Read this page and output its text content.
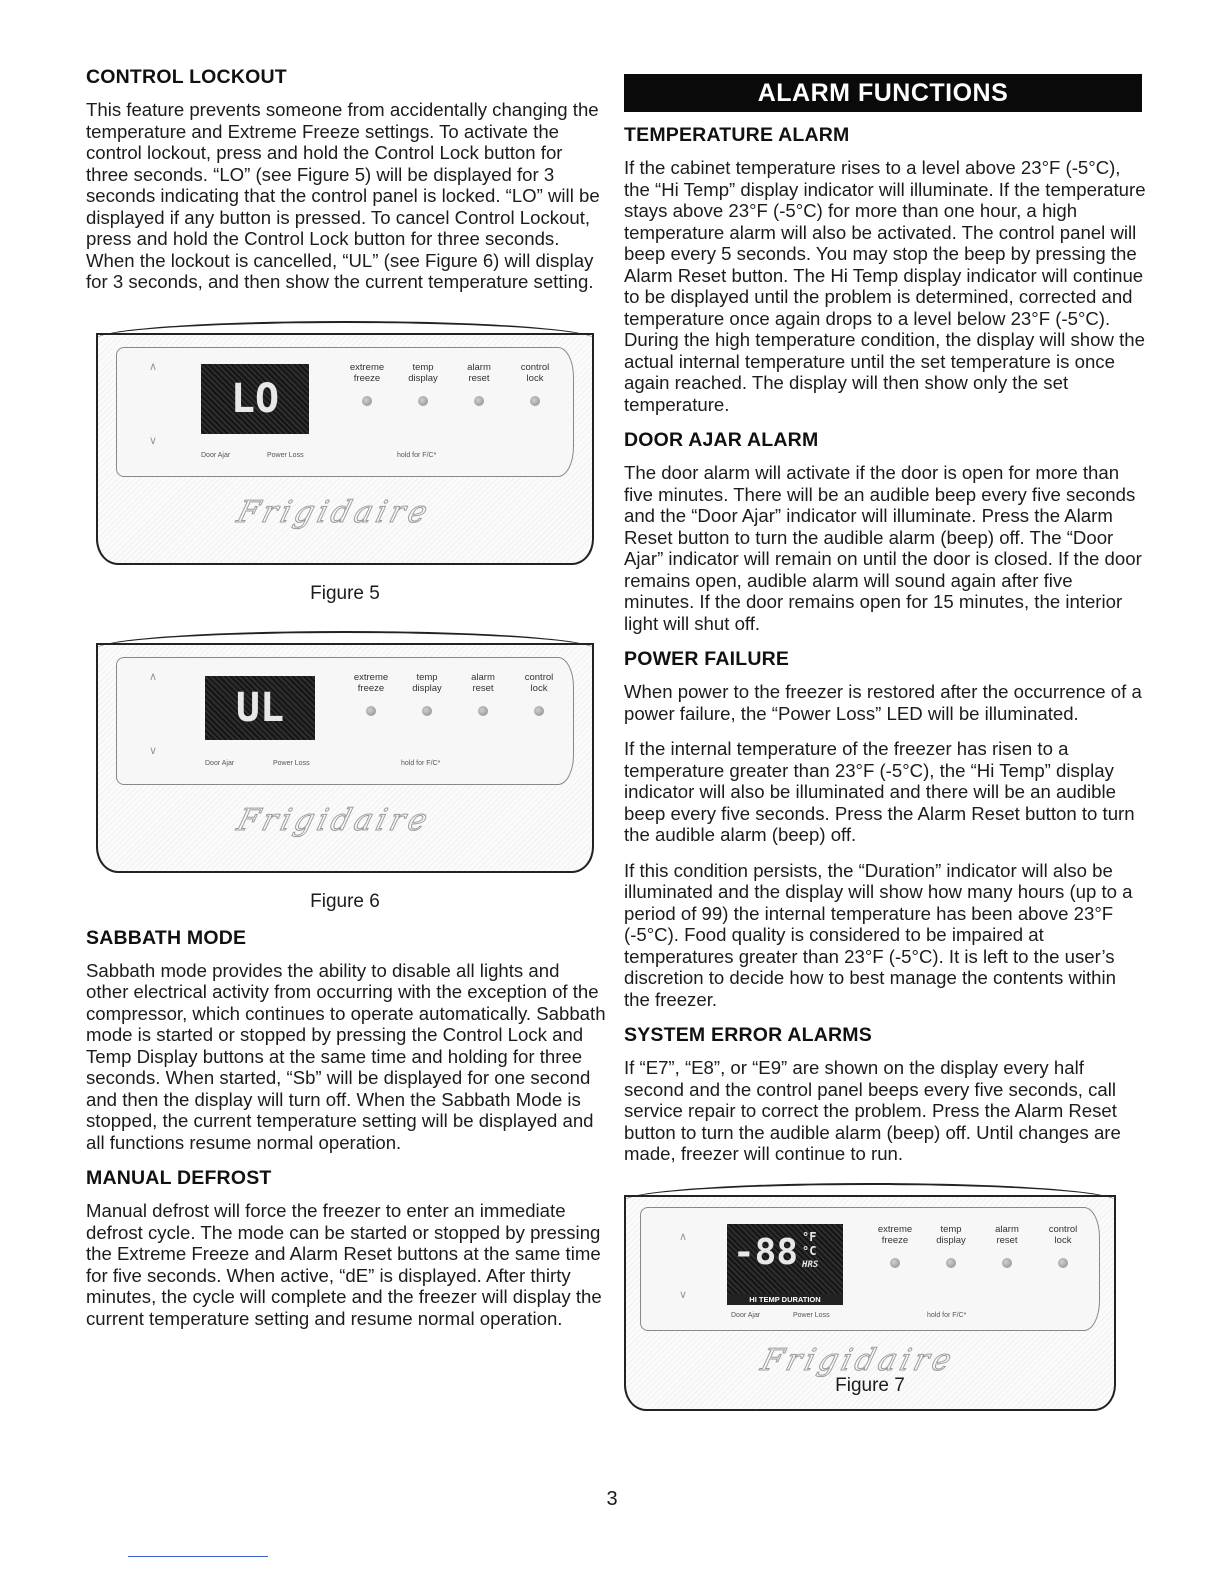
CONTROL LOCKOUT

This feature prevents someone from accidentally changing the temperature and Extreme Freeze settings. To activate the control lockout, press and hold the Control Lock button for three seconds. “LO” (see Figure 5) will be displayed for 3 seconds indicating that the control panel is locked. “LO” will be displayed if any button is pressed. To cancel Control Lockout, press and hold the Control Lock button for three seconds. When the lockout is cancelled, “UL” (see Figure 6) will display for 3 seconds, and then show the current temperature setting.

∧
∨
LO
extreme
freeze
temp
display
alarm
reset
control
lock
Door Ajar	Power Loss	hold for F/C*
Frigidaire
Figure 5
∧
∨
UL
extreme
freeze
temp
display
alarm
reset
control
lock
Door Ajar	Power Loss	hold for F/C*
Frigidaire
Figure 6
SABBATH MODE

Sabbath mode provides the ability to disable all lights and other electrical activity from occurring with the exception of the compressor, which continues to operate automatically. Sabbath mode is started or stopped by pressing the Control Lock and Temp Display buttons at the same time and holding for three seconds. When started, “Sb” will be displayed for one second and then the display will turn off. When the Sabbath Mode is stopped, the current temperature setting will be displayed and all functions resume normal operation.

MANUAL DEFROST

Manual defrost will force the freezer to enter an immediate defrost cycle. The mode can be started or stopped by pressing the Extreme Freeze and Alarm Reset buttons at the same time for five seconds. When active, “dE” is displayed. After thirty minutes, the cycle will complete and the freezer will display the current temperature setting and resume normal operation.

ALARM FUNCTIONS
TEMPERATURE ALARM

If the cabinet temperature rises to a level above 23°F (-5°C), the “Hi Temp” display indicator will illuminate. If the temperature stays above 23°F (-5°C) for more than one hour, a high temperature alarm will also be activated. The control panel will beep every 5 seconds. You may stop the beep by pressing the Alarm Reset button. The Hi Temp display indicator will continue to be displayed until the problem is determined, corrected and temperature once again drops to a level below 23°F (-5°C). During the high temperature condition, the display will show the actual internal temperature until the set temperature is once again reached. The display will then show only the set temperature.

DOOR AJAR ALARM

The door alarm will activate if the door is open for more than five minutes. There will be an audible beep every five seconds and the “Door Ajar” indicator will illuminate. Press the Alarm Reset button to turn the audible alarm (beep) off. The “Door Ajar” indicator will remain on until the door is closed. If the door remains open, audible alarm will sound again after five minutes. If the door remains open for 15 minutes, the interior light will shut off.

POWER FAILURE

When power to the freezer is restored after the occurrence of a power failure, the “Power Loss” LED will be illuminated.

If the internal temperature of the freezer has risen to a temperature greater than 23°F (-5°C), the “Hi Temp” display indicator will also be illuminated and there will be an audible beep every five seconds. Press the Alarm Reset button to turn the audible alarm (beep) off.

If this condition persists, the “Duration” indicator will also be illuminated and the display will show how many hours (up to a period of 99) the internal temperature has been above 23°F (-5°C). Food quality is considered to be impaired at temperatures greater than 23°F (-5°C). It is left to the user’s discretion to decide how to best manage the contents within the freezer.

SYSTEM ERROR ALARMS

If “E7”, “E8”, or “E9” are shown on the display every half second and the control panel beeps every five seconds, call service repair to correct the problem. Press the Alarm Reset button to turn the audible alarm (beep) off. Until changes are made, freezer will continue to run.

∧
∨
-88 °F
°C
HRS
HI TEMP DURATION
extreme
freeze
temp
display
alarm
reset
control
lock
Door Ajar	Power Loss	hold for F/C*
Frigidaire
Figure 7
3
